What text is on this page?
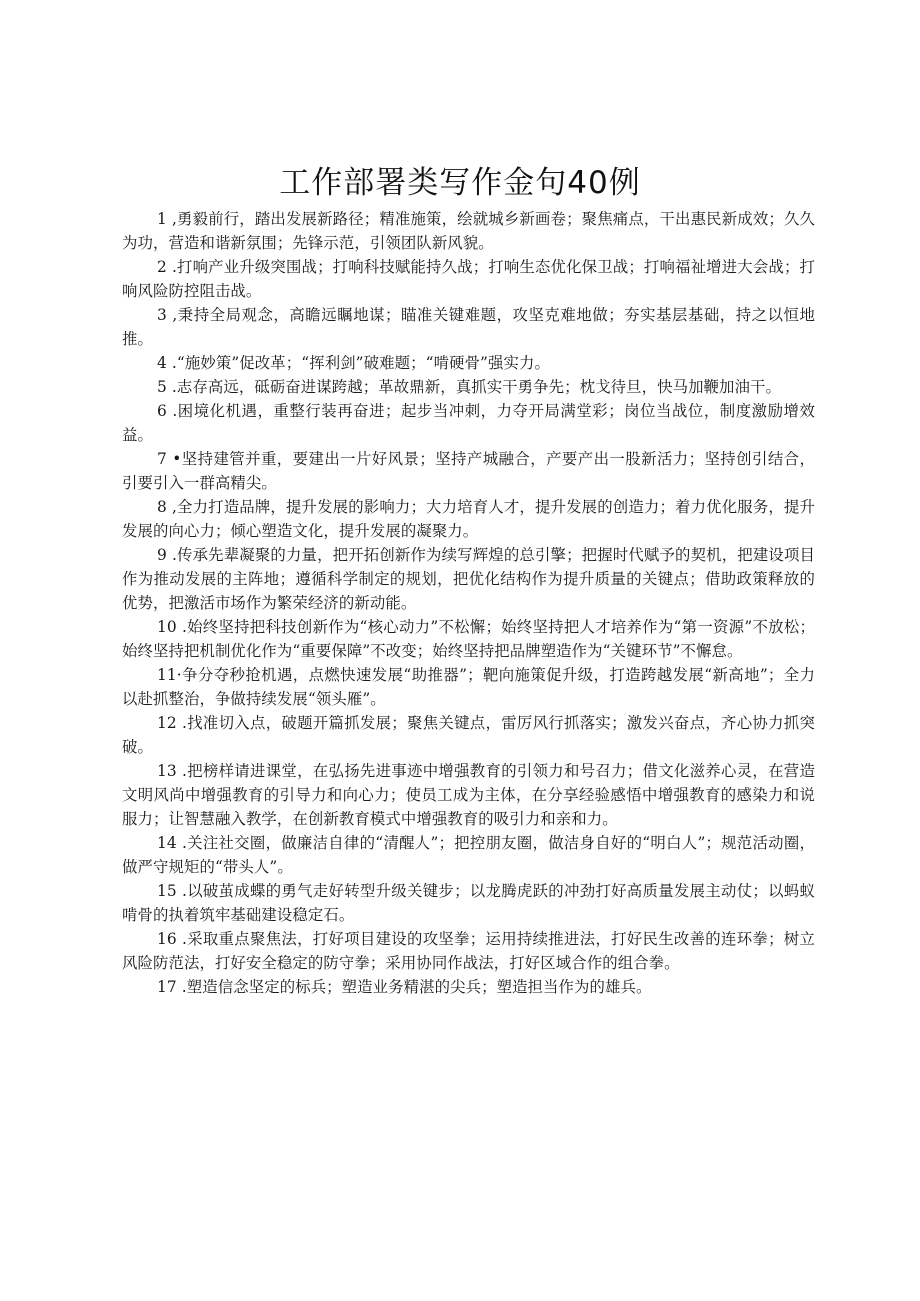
工作部署类写作金句40例
1 ,勇毅前行，踏出发展新路径；精准施策，绘就城乡新画卷；聚焦痛点，干出惠民新成效；久久为功，营造和谐新氛围；先锋示范，引领团队新风貌。
2 .打响产业升级突围战；打响科技赋能持久战；打响生态优化保卫战；打响福祉增进大会战；打响风险防控阻击战。
3 ,秉持全局观念，高瞻远瞩地谋；瞄准关键难题，攻坚克难地做；夯实基层基础，持之以恒地推。
4 .“施妙策”促改革；“挥利剑”破难题；“啃硬骨”强实力。
5 .志存高远，砥砺奋进谋跨越；革故鼎新，真抓实干勇争先；枕戈待旦，快马加鞭加油干。
6 .困境化机遇，重整行装再奋进；起步当冲刺，力夺开局满堂彩；岗位当战位，制度激励增效益。
7 •坚持建管并重，要建出一片好风景；坚持产城融合，产要产出一股新活力；坚持创引结合，引要引入一群高精尖。
8 ,全力打造品牌，提升发展的影响力；大力培育人才，提升发展的创造力；着力优化服务，提升发展的向心力；倾心塑造文化，提升发展的凝聚力。
9 .传承先辈凝聚的力量，把开拓创新作为续写辉煌的总引擎；把握时代赋予的契机，把建设项目作为推动发展的主阵地；遵循科学制定的规划，把优化结构作为提升质量的关键点；借助政策释放的优势，把激活市场作为繁荣经济的新动能。
10 .始终坚持把科技创新作为“核心动力”不松懈；始终坚持把人才培养作为“第一资源”不放松；始终坚持把机制优化作为“重要保障”不改变；始终坚持把品牌塑造作为“关键环节”不懈怠。
11·争分夺秒抢机遇，点燃快速发展“助推器”；靶向施策促升级，打造跨越发展“新高地”；全力以赴抓整治，争做持续发展“领头雁”。
12 .找准切入点，破题开篇抓发展；聚焦关键点，雷厉风行抓落实；激发兴奋点，齐心协力抓突破。
13 .把榜样请进课堂，在弘扬先进事迹中增强教育的引领力和号召力；借文化滋养心灵，在营造文明风尚中增强教育的引导力和向心力；使员工成为主体，在分享经验感悟中增强教育的感染力和说服力；让智慧融入教学，在创新教育模式中增强教育的吸引力和亲和力。
14 .关注社交圈，做廉洁自律的“清醒人”；把控朋友圈，做洁身自好的“明白人”；规范活动圈，做严守规矩的“带头人”。
15 .以破茧成蝶的勇气走好转型升级关键步；以龙腾虎跃的冲劲打好高质量发展主动仗；以蚂蚁啃骨的执着筑牢基础建设稳定石。
16 .采取重点聚焦法，打好项目建设的攻坚拳；运用持续推进法，打好民生改善的连环拳；树立风险防范法，打好安全稳定的防守拳；采用协同作战法，打好区域合作的组合拳。
17 .塑造信念坚定的标兵；塑造业务精湛的尖兵；塑造担当作为的雄兵。
